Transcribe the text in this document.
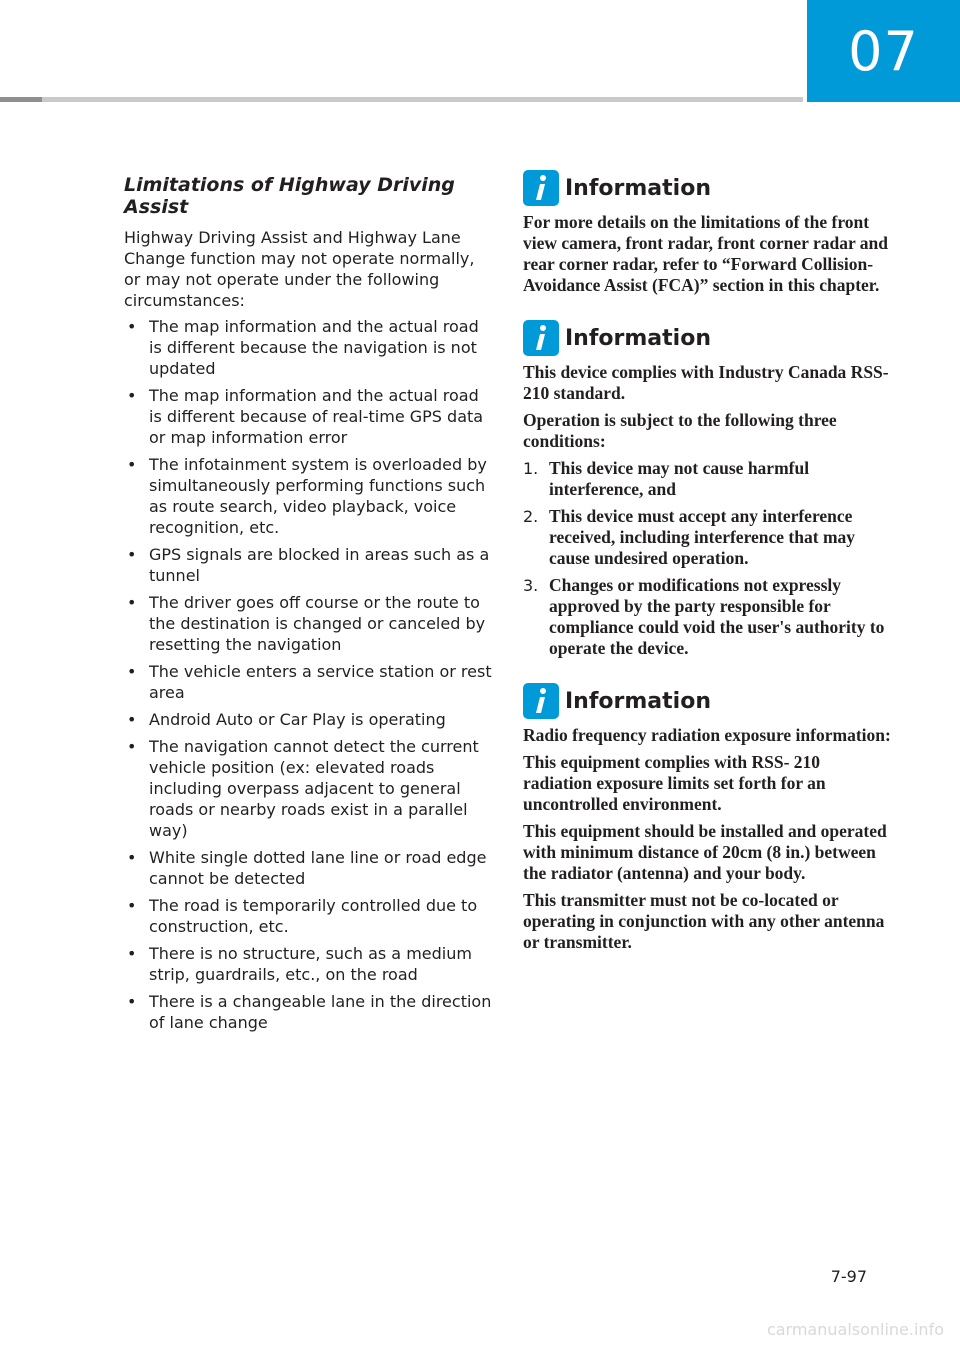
07
Limitations of Highway Driving Assist

Highway Driving Assist and Highway Lane Change function may not operate normally, or may not operate under the following circumstances:

• The map information and the actual road is different because the navigation is not updated
• The map information and the actual road is different because of real-time GPS data or map information error
• The infotainment system is overloaded by simultaneously performing functions such as route search, video playback, voice recognition, etc.
• GPS signals are blocked in areas such as a tunnel
• The driver goes off course or the route to the destination is changed or canceled by resetting the navigation
• The vehicle enters a service station or rest area
• Android Auto or Car Play is operating
• The navigation cannot detect the current vehicle position (ex: elevated roads including overpass adjacent to general roads or nearby roads exist in a parallel way)
• White single dotted lane line or road edge cannot be detected
• The road is temporarily controlled due to construction, etc.
• There is no structure, such as a medium strip, guardrails, etc., on the road
• There is a changeable lane in the direction of lane change
Information

For more details on the limitations of the front view camera, front radar, front corner radar and rear corner radar, refer to “Forward Collision-Avoidance Assist (FCA)” section in this chapter.

Information

This device complies with Industry Canada RSS-210 standard.

Operation is subject to the following three conditions:

1. This device may not cause harmful interference, and
2. This device must accept any interference received, including interference that may cause undesired operation.
3. Changes or modifications not expressly approved by the party responsible for compliance could void the user's authority to operate the device.
Information

Radio frequency radiation exposure information:

This equipment complies with RSS- 210 radiation exposure limits set forth for an uncontrolled environment.

This equipment should be installed and operated with minimum distance of 20cm (8 in.) between the radiator (antenna) and your body.

This transmitter must not be co-located or operating in conjunction with any other antenna or transmitter.

7-97
carmanualsonline.info
